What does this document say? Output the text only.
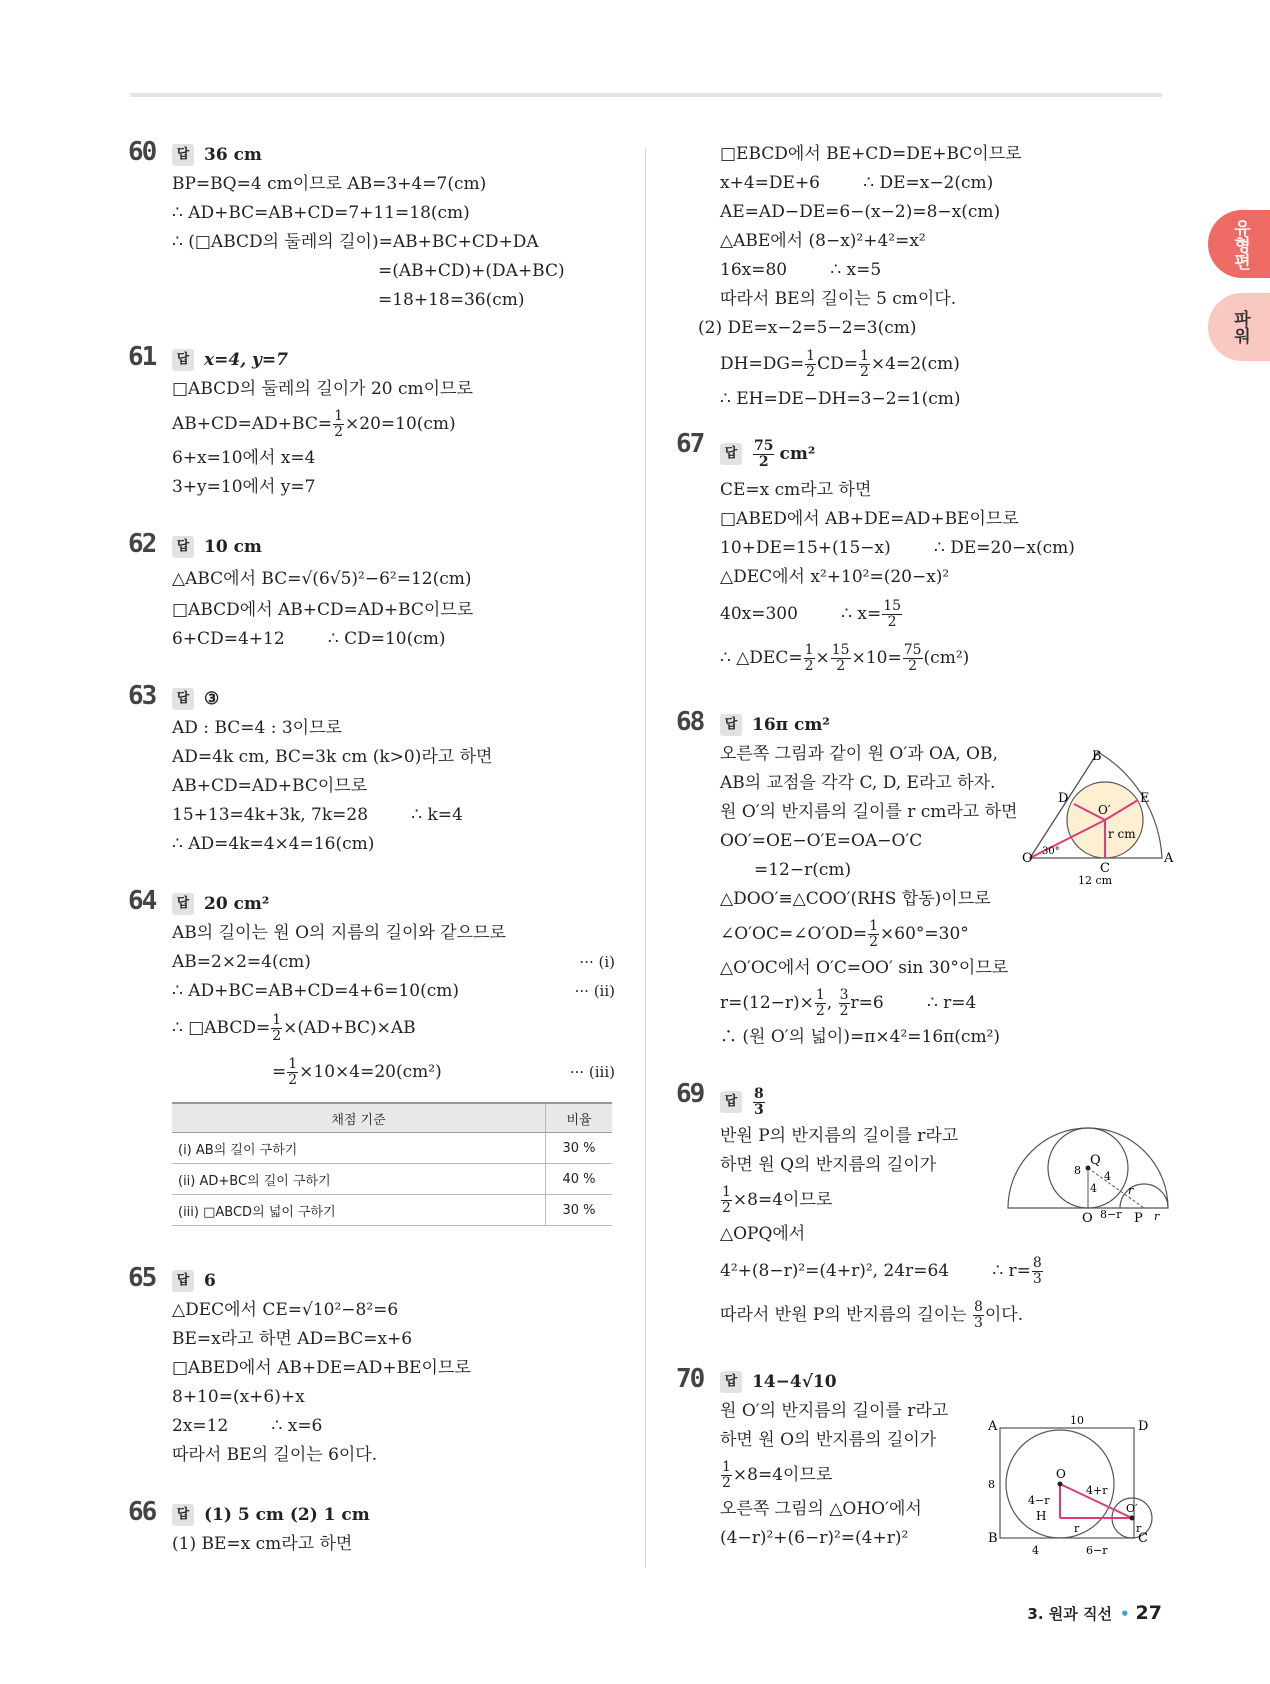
유형편
파워
60	답 36 cm
BP=BQ=4 cm이므로 AB=3+4=7(cm)
∴ AD+BC=AB+CD=7+11=18(cm)
∴ (□ABCD의 둘레의 길이)=AB+BC+CD+DA
=(AB+CD)+(DA+BC)
=18+18=36(cm)
61	답 x=4, y=7
□ABCD의 둘레의 길이가 20 cm이므로
$AB+CD=AD+BC= \frac{1}{2} \times 20=10(cm)$
6+x=10에서 x=4
3+y=10에서 y=7
62	답 10 cm
△ABC에서 BC=√(6√5)²−6²=12(cm)
□ABCD에서 AB+CD=AD+BC이므로
6+CD=4+12        ∴ CD=10(cm)
63	답 ③
AD : BC=4 : 3이므로
AD=4k cm, BC=3k cm (k>0)라고 하면
AB+CD=AD+BC이므로
15+13=4k+3k, 7k=28        ∴ k=4
∴ AD=4k=4×4=16(cm)
64	답 20 cm²
AB의 길이는 원 O의 지름의 길이와 같으므로
AB=2×2=4(cm)	··· (i)
∴ AD+BC=AB+CD=4+6=10(cm)	··· (ii)
∴ □ABCD= $\frac{1}{2} \times(AD+BC)\times AB$
= $\frac{1}{2} \times 10\times 4=20(cm^2)$	··· (iii)
채점 기준	비율
(i) AB의 길이 구하기	30 %
(ii) AD+BC의 길이 구하기	40 %
(iii) □ABCD의 넓이 구하기	30 %
65	답 6
△DEC에서 CE=√10²−8²=6
BE=x라고 하면 AD=BC=x+6
□ABED에서 AB+DE=AD+BE이므로
8+10=(x+6)+x
2x=12        ∴ x=6
따라서 BE의 길이는 6이다.
66	답 (1) 5 cm (2) 1 cm
(1) BE=x cm라고 하면
□EBCD에서 BE+CD=DE+BC이므로
x+4=DE+6        ∴ DE=x−2(cm)
AE=AD−DE=6−(x−2)=8−x(cm)
△ABE에서 (8−x)²+4²=x²
16x=80        ∴ x=5
따라서 BE의 길이는 5 cm이다.
(2) DE=x−2=5−2=3(cm)
$DH=DG= \frac{1}{2} CD= \frac{1}{2} \times 4=2(cm)$
∴ EH=DE−DH=3−2=1(cm)
67	답	$\frac{75}{2} cm^2$
CE=x cm라고 하면
□ABED에서 AB+DE=AD+BE이므로
10+DE=15+(15−x)        ∴ DE=20−x(cm)
△DEC에서 x²+10²=(20−x)²
40x=300        ∴ $x= \frac{15}{2}$
∴ △DEC= $\frac{1}{2} \times \frac{15}{2} \times 10= \frac{75}{2} (cm^2)$
68	답 16π cm²
오른쪽 그림과 같이 원 O′과 OA, OB,
AB의 교점을 각각 C, D, E라고 하자.
원 O′의 반지름의 길이를 r cm라고 하면
OO′=OE−O′E=OA−O′C
=12−r(cm)
△DOO′≡△COO′(RHS 합동)이므로
∠O′OC=∠O′OD= $\frac{1}{2} \times 60^\circ=30^\circ$
△O′OC에서 O′C=OO′ sin 30°이므로
$r=(12-r)\times \frac{1}{2}$ , $\frac{3}{2} r=6$        ∴ r=4
∴ (원 O′의 넓이)=π×4²=16π(cm²)
69	답	$\frac{8}{3}$
반원 P의 반지름의 길이를 r라고
하면 원 Q의 반지름의 길이가
$\frac{1}{2} \times 8=4$이므로
△OPQ에서
4²+(8−r)²=(4+r)², 24r=64        ∴ $r= \frac{8}{3}$
따라서 반원 P의 반지름의 길이는 $\frac{8}{3}$ 이다.
70	답 14−4√10
원 O′의 반지름의 길이를 r라고
하면 원 O의 반지름의 길이가
$\frac{1}{2} \times 8=4$이므로
오른쪽 그림의 △OHO′에서
(4−r)²+(6−r)²=(4+r)²
B
D	E
O′
r cm
O 30°
C
A
12 cm
Q
8 4
4	r
O 8−r P r
A	10	D
8
O
4−r
4+r
H
O′
r	r
B
4	6−r
C
3. 원과 직선 • 27
